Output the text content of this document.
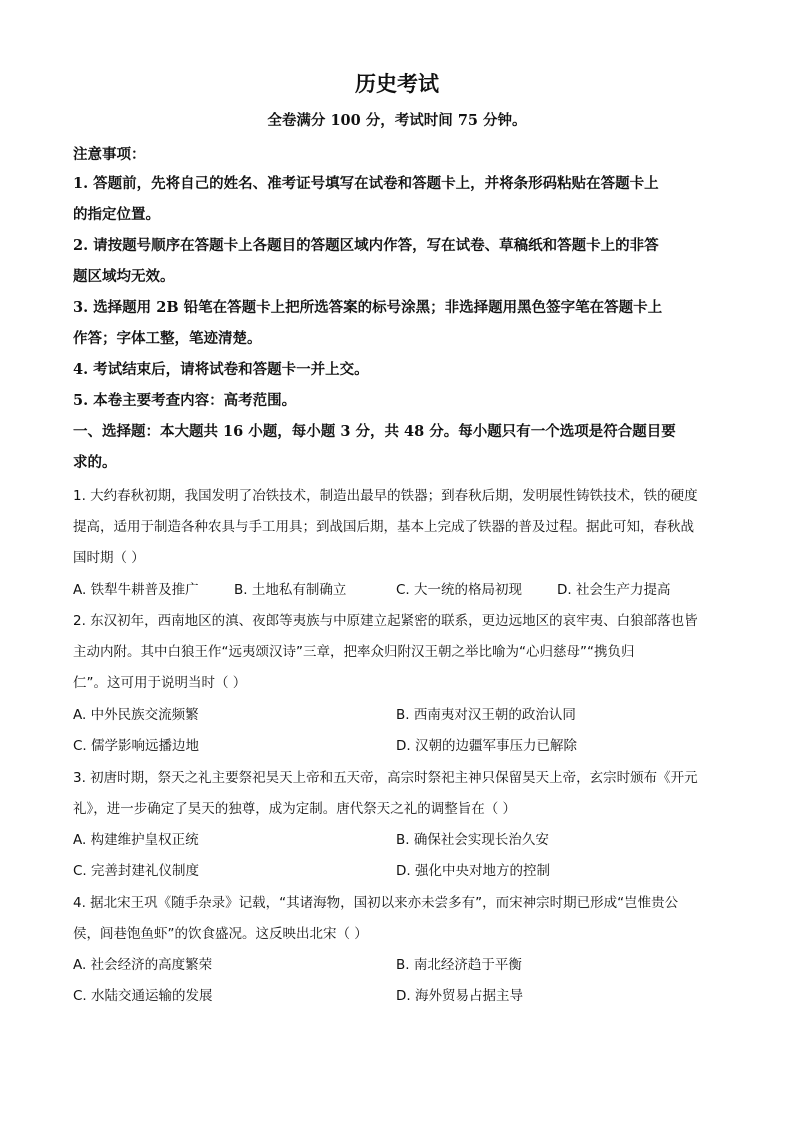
历史考试
全卷满分 100 分，考试时间 75 分钟。
注意事项：
1. 答题前，先将自己的姓名、准考证号填写在试卷和答题卡上，并将条形码粘贴在答题卡上
的指定位置。
2. 请按题号顺序在答题卡上各题目的答题区域内作答，写在试卷、草稿纸和答题卡上的非答
题区域均无效。
3. 选择题用 2B 铅笔在答题卡上把所选答案的标号涂黑；非选择题用黑色签字笔在答题卡上
作答；字体工整，笔迹清楚。
4. 考试结束后，请将试卷和答题卡一并上交。
5. 本卷主要考查内容：高考范围。
一、选择题：本大题共 16 小题，每小题 3 分，共 48 分。每小题只有一个选项是符合题目要
求的。
1. 大约春秋初期，我国发明了冶铁技术，制造出最早的铁器；到春秋后期，发明展性铸铁技术，铁的硬度
提高，适用于制造各种农具与手工用具；到战国后期，基本上完成了铁器的普及过程。据此可知，春秋战
国时期（ ）
A. 铁犁牛耕普及推广	B. 土地私有制确立	C. 大一统的格局初现	D. 社会生产力提高
2. 东汉初年，西南地区的滇、夜郎等夷族与中原建立起紧密的联系，更边远地区的哀牢夷、白狼部落也皆
主动内附。其中白狼王作“远夷颂汉诗”三章，把率众归附汉王朝之举比喻为“心归慈母”“携负归
仁”。这可用于说明当时（ ）
A. 中外民族交流频繁	B. 西南夷对汉王朝的政治认同
C. 儒学影响远播边地	D. 汉朝的边疆军事压力已解除
3. 初唐时期，祭天之礼主要祭祀昊天上帝和五天帝，高宗时祭祀主神只保留昊天上帝，玄宗时颁布《开元
礼》，进一步确定了昊天的独尊，成为定制。唐代祭天之礼的调整旨在（ ）
A. 构建维护皇权正统	B. 确保社会实现长治久安
C. 完善封建礼仪制度	D. 强化中央对地方的控制
4. 据北宋王巩《随手杂录》记载，“其诸海物，国初以来亦未尝多有”，而宋神宗时期已形成“岂惟贵公
侯，闾巷饱鱼虾”的饮食盛况。这反映出北宋（ ）
A. 社会经济的高度繁荣	B. 南北经济趋于平衡
C. 水陆交通运输的发展	D. 海外贸易占据主导
